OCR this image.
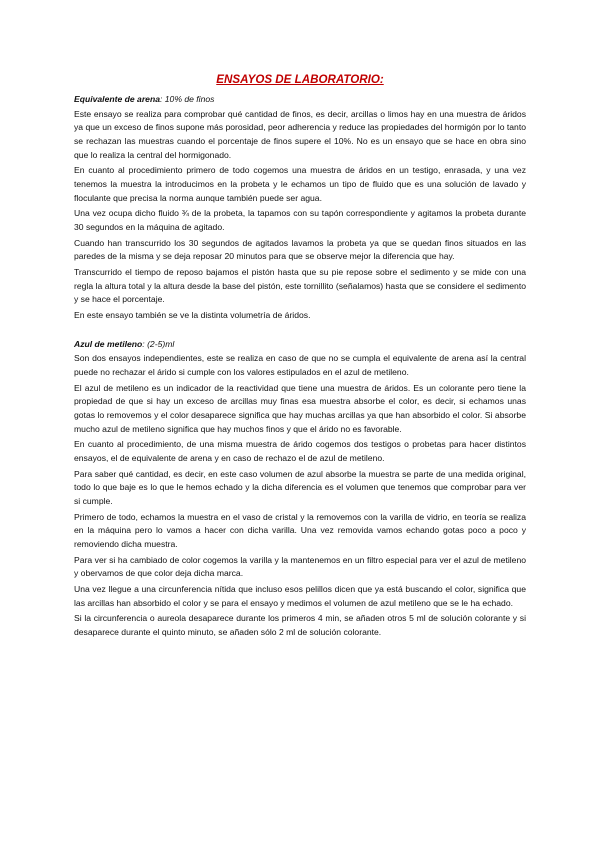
ENSAYOS DE LABORATORIO:
Equivalente de arena: 10% de finos

Este ensayo se realiza para comprobar qué cantidad de finos, es decir, arcillas o limos hay en una muestra de áridos ya que un exceso de finos supone más porosidad, peor adherencia y reduce las propiedades del hormigón por lo tanto se rechazan las muestras cuando el porcentaje de finos supere el 10%. No es un ensayo que se hace en obra sino que lo realiza la central del hormigonado.

En cuanto al procedimiento primero de todo cogemos una muestra de áridos en un testigo, enrasada, y una vez tenemos la muestra la introducimos en la probeta y le echamos un tipo de fluido que es una solución de lavado y floculante que precisa la norma aunque también puede ser agua.

Una vez ocupa dicho fluido ¾ de la probeta, la tapamos con su tapón correspondiente y agitamos la probeta durante 30 segundos en la máquina de agitado.

Cuando han transcurrido los 30 segundos de agitados lavamos la probeta ya que se quedan finos situados en las paredes de la misma y se deja reposar 20 minutos para que se observe mejor la diferencia que hay.

Transcurrido el tiempo de reposo bajamos el pistón hasta que su pie repose sobre el sedimento y se mide con una regla la altura total y la altura desde la base del pistón, este tornillito (señalamos) hasta que se considere el sedimento y se hace el porcentaje.

En este ensayo también se ve la distinta volumetría de áridos.

Azul de metileno: (2-5)ml

Son dos ensayos independientes, este se realiza en caso de que no se cumpla el equivalente de arena así la central puede no rechazar el árido si cumple con los valores estipulados en el azul de metileno.

El azul de metileno es un indicador de la reactividad que tiene una muestra de áridos. Es un colorante pero tiene la propiedad de que si hay un exceso de arcillas muy finas esa muestra absorbe el color, es decir, si echamos unas gotas lo removemos y el color desaparece significa que hay muchas arcillas ya que han absorbido el color. Si absorbe mucho azul de metileno significa que hay muchos finos y que el árido no es favorable.

En cuanto al procedimiento, de una misma muestra de árido cogemos dos testigos o probetas para hacer distintos ensayos, el de equivalente de arena y en caso de rechazo el de azul de metileno.

Para saber qué cantidad, es decir, en este caso volumen de azul absorbe la muestra se parte de una medida original, todo lo que baje es lo que le hemos echado y la dicha diferencia es el volumen que tenemos que comprobar para ver si cumple.

Primero de todo, echamos la muestra en el vaso de cristal y la removemos con la varilla de vidrio, en teoría se realiza en la máquina pero lo vamos a hacer con dicha varilla. Una vez removida vamos echando gotas poco a poco y removiendo dicha muestra.

Para ver si ha cambiado de color cogemos la varilla y la mantenemos en un filtro especial para ver el azul de metileno y obervamos de que color deja dicha marca.

Una vez llegue a una circunferencia nítida que incluso esos pelillos dicen que ya está buscando el color, significa que las arcillas han absorbido el color y se para el ensayo y medimos el volumen de azul metileno que se le ha echado.

Si la circunferencia o aureola desaparece durante los primeros 4 min, se añaden otros 5 ml de solución colorante y si desaparece durante el quinto minuto, se añaden sólo 2 ml de solución colorante.
